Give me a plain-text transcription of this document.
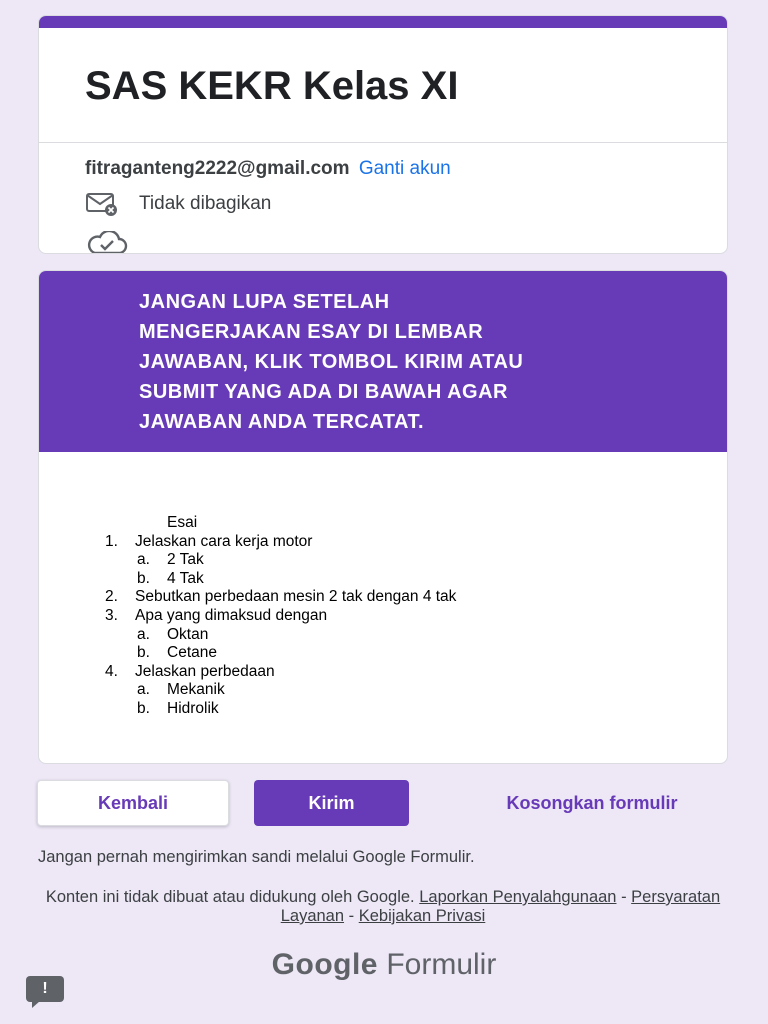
SAS KEKR Kelas XI
fitraganteng2222@gmail.com Ganti akun
Tidak dibagikan
JANGAN LUPA SETELAH
MENGERJAKAN ESAY DI LEMBAR
JAWABAN, KLIK TOMBOL KIRIM ATAU
SUBMIT YANG ADA DI BAWAH AGAR
JAWABAN ANDA TERCATAT.
Esai
1.	Jelaskan cara kerja motor
a.	2 Tak
b.	4 Tak
2.	Sebutkan perbedaan mesin 2 tak dengan 4 tak
3.	Apa yang dimaksud dengan
a.	Oktan
b.	Cetane
4.	Jelaskan perbedaan
a.	Mekanik
b.	Hidrolik
Kembali	Kirim	Kosongkan formulir
Jangan pernah mengirimkan sandi melalui Google Formulir.
Konten ini tidak dibuat atau didukung oleh Google. Laporkan Penyalahgunaan - Persyaratan Layanan - Kebijakan Privasi
Google Formulir
!
